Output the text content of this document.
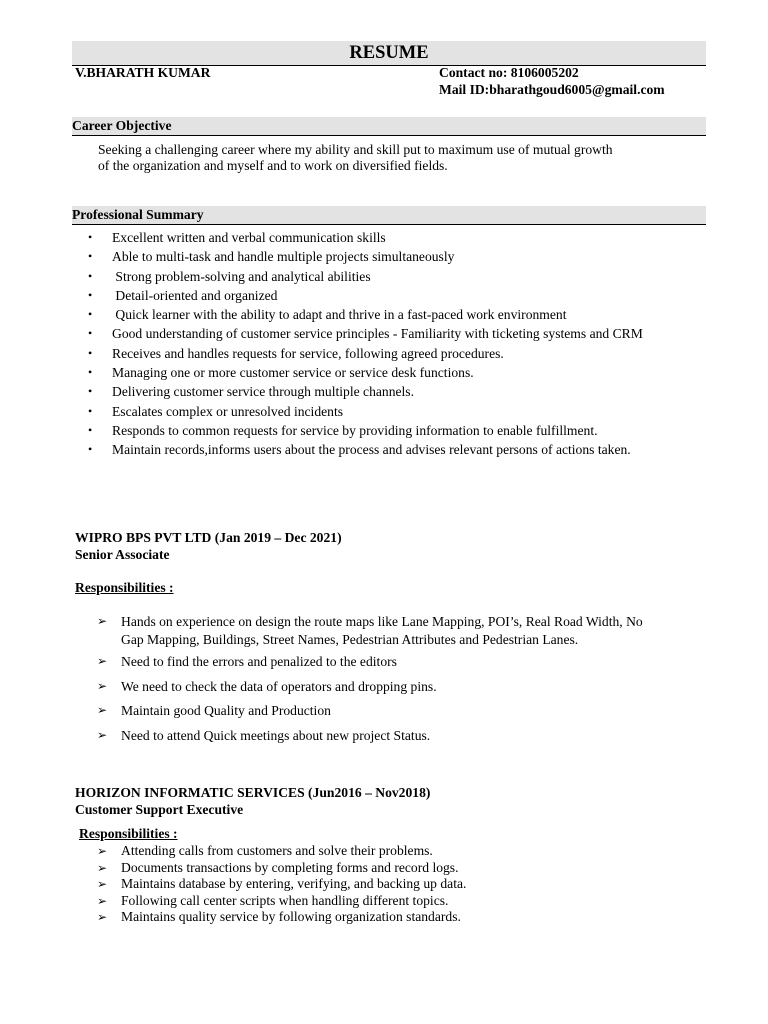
RESUME
V.BHARATH KUMAR	Contact no: 8106005202
Mail ID:bharathgoud6005@gmail.com
Career Objective
Seeking a challenging career where my ability and skill put to maximum use of mutual growth
of the organization and myself and to work on diversified fields.
Professional Summary
• Excellent written and verbal communication skills
• Able to multi-task and handle multiple projects simultaneously
• Strong problem-solving and analytical abilities
• Detail-oriented and organized
• Quick learner with the ability to adapt and thrive in a fast-paced work environment
• Good understanding of customer service principles - Familiarity with ticketing systems and CRM
• Receives and handles requests for service, following agreed procedures.
• Managing one or more customer service or service desk functions.
• Delivering customer service through multiple channels.
• Escalates complex or unresolved incidents
• Responds to common requests for service by providing information to enable fulfillment.
• Maintain records,informs users about the process and advises relevant persons of actions taken.
WIPRO BPS PVT LTD (Jan 2019 – Dec 2021)
Senior Associate
Responsibilities :
➢ Hands on experience on design the route maps like Lane Mapping, POI’s, Real Road Width, No Gap Mapping, Buildings, Street Names, Pedestrian Attributes and Pedestrian Lanes.
➢ Need to find the errors and penalized to the editors
➢ We need to check the data of operators and dropping pins.
➢ Maintain good Quality and Production
➢ Need to attend Quick meetings about new project Status.
HORIZON INFORMATIC SERVICES (Jun2016 – Nov2018)
Customer Support Executive
Responsibilities :
➢ Attending calls from customers and solve their problems.
➢ Documents transactions by completing forms and record logs.
➢ Maintains database by entering, verifying, and backing up data.
➢ Following call center scripts when handling different topics.
➢ Maintains quality service by following organization standards.
